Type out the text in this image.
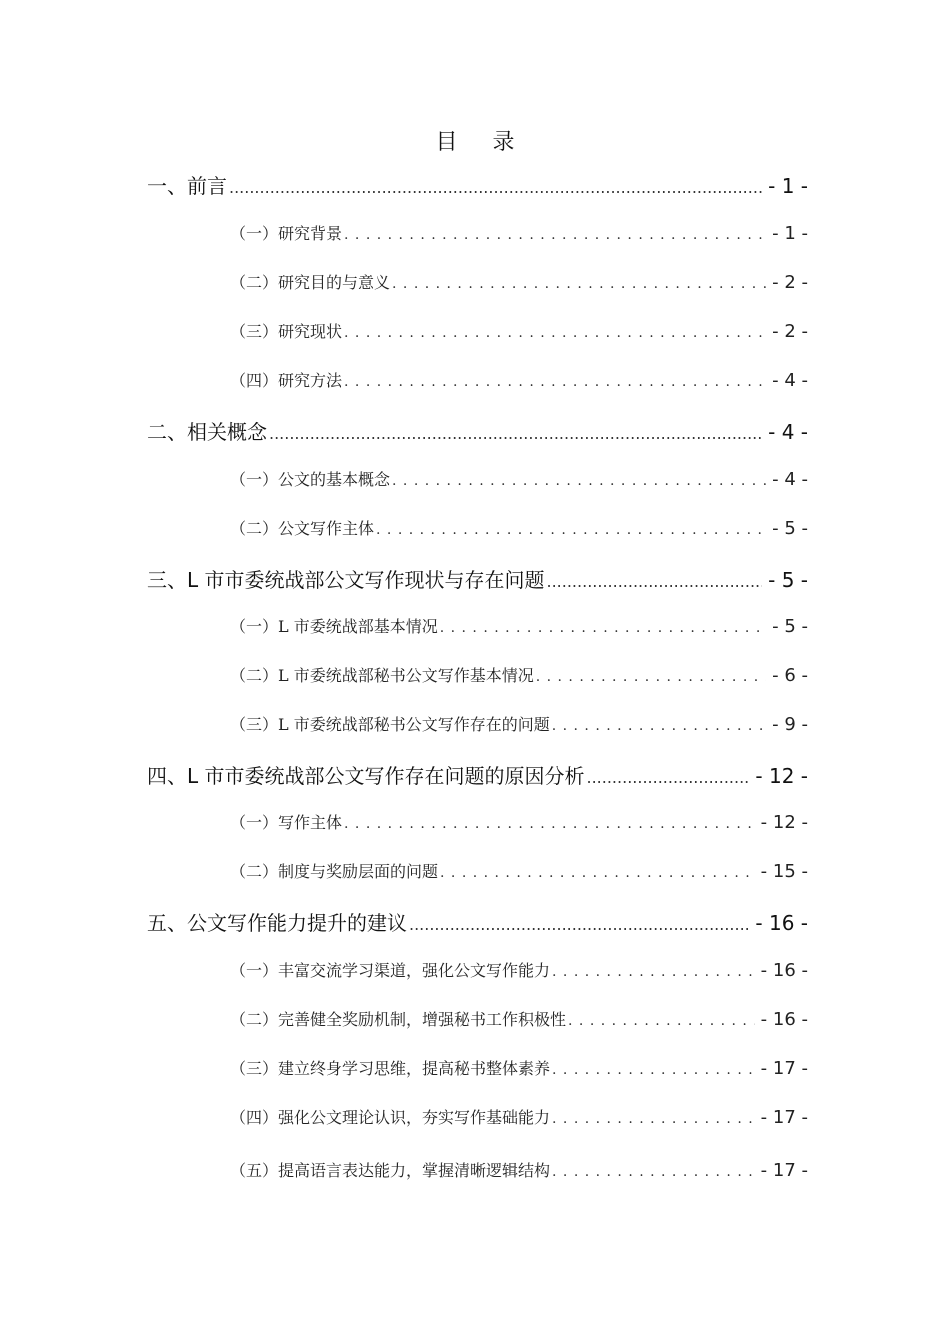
目 录
一、前言 .....	- 1 -
（一）研究背景 . . .	- 1 -
（二）研究目的与意义 . . .	- 2 -
（三）研究现状 . . .	- 2 -
（四）研究方法 . . .	- 4 -
二、相关概念 .....	- 4 -
（一）公文的基本概念 . . .	- 4 -
（二）公文写作主体 . . .	- 5 -
三、L 市市委统战部公文写作现状与存在问题 .....	- 5 -
（一）L 市委统战部基本情况 . . .	- 5 -
（二）L 市委统战部秘书公文写作基本情况 . . .	- 6 -
（三）L 市委统战部秘书公文写作存在的问题 . . .	- 9 -
四、L 市市委统战部公文写作存在问题的原因分析 .....	- 12 -
（一）写作主体 . . .	- 12 -
（二）制度与奖励层面的问题 . . .	- 15 -
五、公文写作能力提升的建议 .....	- 16 -
（一）丰富交流学习渠道，强化公文写作能力 . . .	- 16 -
（二）完善健全奖励机制，增强秘书工作积极性 . . .	- 16 -
（三）建立终身学习思维，提高秘书整体素养 . . .	- 17 -
（四）强化公文理论认识，夯实写作基础能力 . . .	- 17 -
（五）提高语言表达能力，掌握清晰逻辑结构 . . .	- 17 -
